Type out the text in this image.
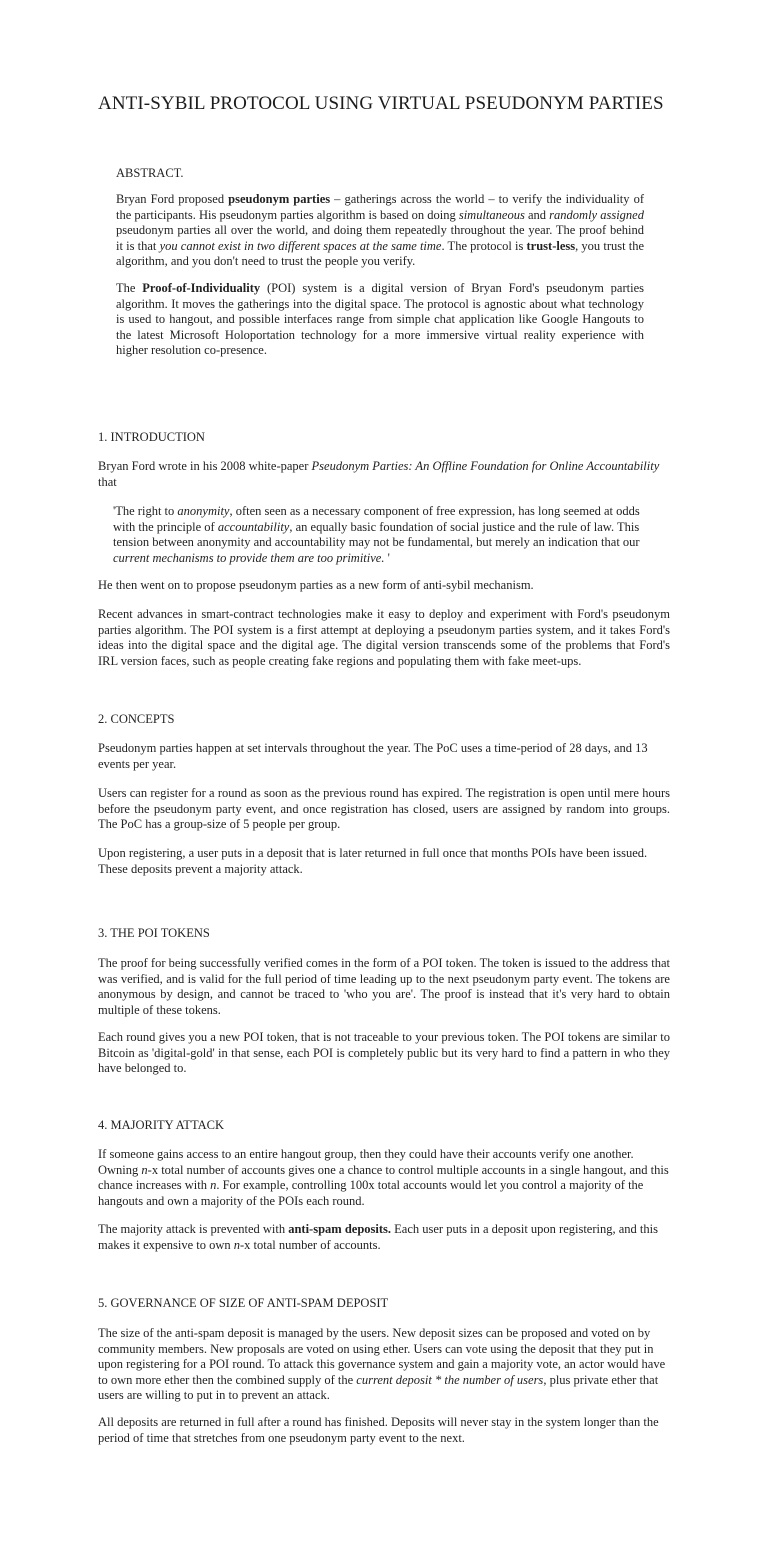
ANTI-SYBIL PROTOCOL USING VIRTUAL PSEUDONYM PARTIES
ABSTRACT.
Bryan Ford proposed pseudonym parties – gatherings across the world – to verify the individuality of the participants. His pseudonym parties algorithm is based on doing simultaneous and randomly assigned pseudonym parties all over the world, and doing them repeatedly throughout the year. The proof behind it is that you cannot exist in two different spaces at the same time. The protocol is trust-less, you trust the algorithm, and you don't need to trust the people you verify.
The Proof-of-Individuality (POI) system is a digital version of Bryan Ford's pseudonym parties algorithm. It moves the gatherings into the digital space. The protocol is agnostic about what technology is used to hangout, and possible interfaces range from simple chat application like Google Hangouts to the latest Microsoft Holoportation technology for a more immersive virtual reality experience with higher resolution co-presence.
1. INTRODUCTION
Bryan Ford wrote in his 2008 white-paper Pseudonym Parties: An Offline Foundation for Online Accountability that
'The right to anonymity, often seen as a necessary component of free expression, has long seemed at odds with the principle of accountability, an equally basic foundation of social justice and the rule of law. This tension between anonymity and accountability may not be fundamental, but merely an indication that our current mechanisms to provide them are too primitive. '
He then went on to propose pseudonym parties as a new form of anti-sybil mechanism.
Recent advances in smart-contract technologies make it easy to deploy and experiment with Ford's pseudonym parties algorithm. The POI system is a first attempt at deploying a pseudonym parties system, and it takes Ford's ideas into the digital space and the digital age. The digital version transcends some of the problems that Ford's IRL version faces, such as people creating fake regions and populating them with fake meet-ups.
2. CONCEPTS
Pseudonym parties happen at set intervals throughout the year. The PoC uses a time-period of 28 days, and 13 events per year.
Users can register for a round as soon as the previous round has expired. The registration is open until mere hours before the pseudonym party event, and once registration has closed, users are assigned by random into groups. The PoC has a group-size of 5 people per group.
Upon registering, a user puts in a deposit that is later returned in full once that months POIs have been issued. These deposits prevent a majority attack.
3. THE POI TOKENS
The proof for being successfully verified comes in the form of a POI token. The token is issued to the address that was verified, and is valid for the full period of time leading up to the next pseudonym party event. The tokens are anonymous by design, and cannot be traced to 'who you are'. The proof is instead that it's very hard to obtain multiple of these tokens.
Each round gives you a new POI token, that is not traceable to your previous token. The POI tokens are similar to Bitcoin as 'digital-gold' in that sense, each POI is completely public but its very hard to find a pattern in who they have belonged to.
4. MAJORITY ATTACK
If someone gains access to an entire hangout group, then they could have their accounts verify one another. Owning n-x total number of accounts gives one a chance to control multiple accounts in a single hangout, and this chance increases with n. For example, controlling 100x total accounts would let you control a majority of the hangouts and own a majority of the POIs each round.
The majority attack is prevented with anti-spam deposits. Each user puts in a deposit upon registering, and this makes it expensive to own n-x total number of accounts.
5. GOVERNANCE OF SIZE OF ANTI-SPAM DEPOSIT
The size of the anti-spam deposit is managed by the users. New deposit sizes can be proposed and voted on by community members. New proposals are voted on using ether. Users can vote using the deposit that they put in upon registering for a POI round. To attack this governance system and gain a majority vote, an actor would have to own more ether then the combined supply of the current deposit * the number of users, plus private ether that users are willing to put in to prevent an attack.
All deposits are returned in full after a round has finished. Deposits will never stay in the system longer than the period of time that stretches from one pseudonym party event to the next.
